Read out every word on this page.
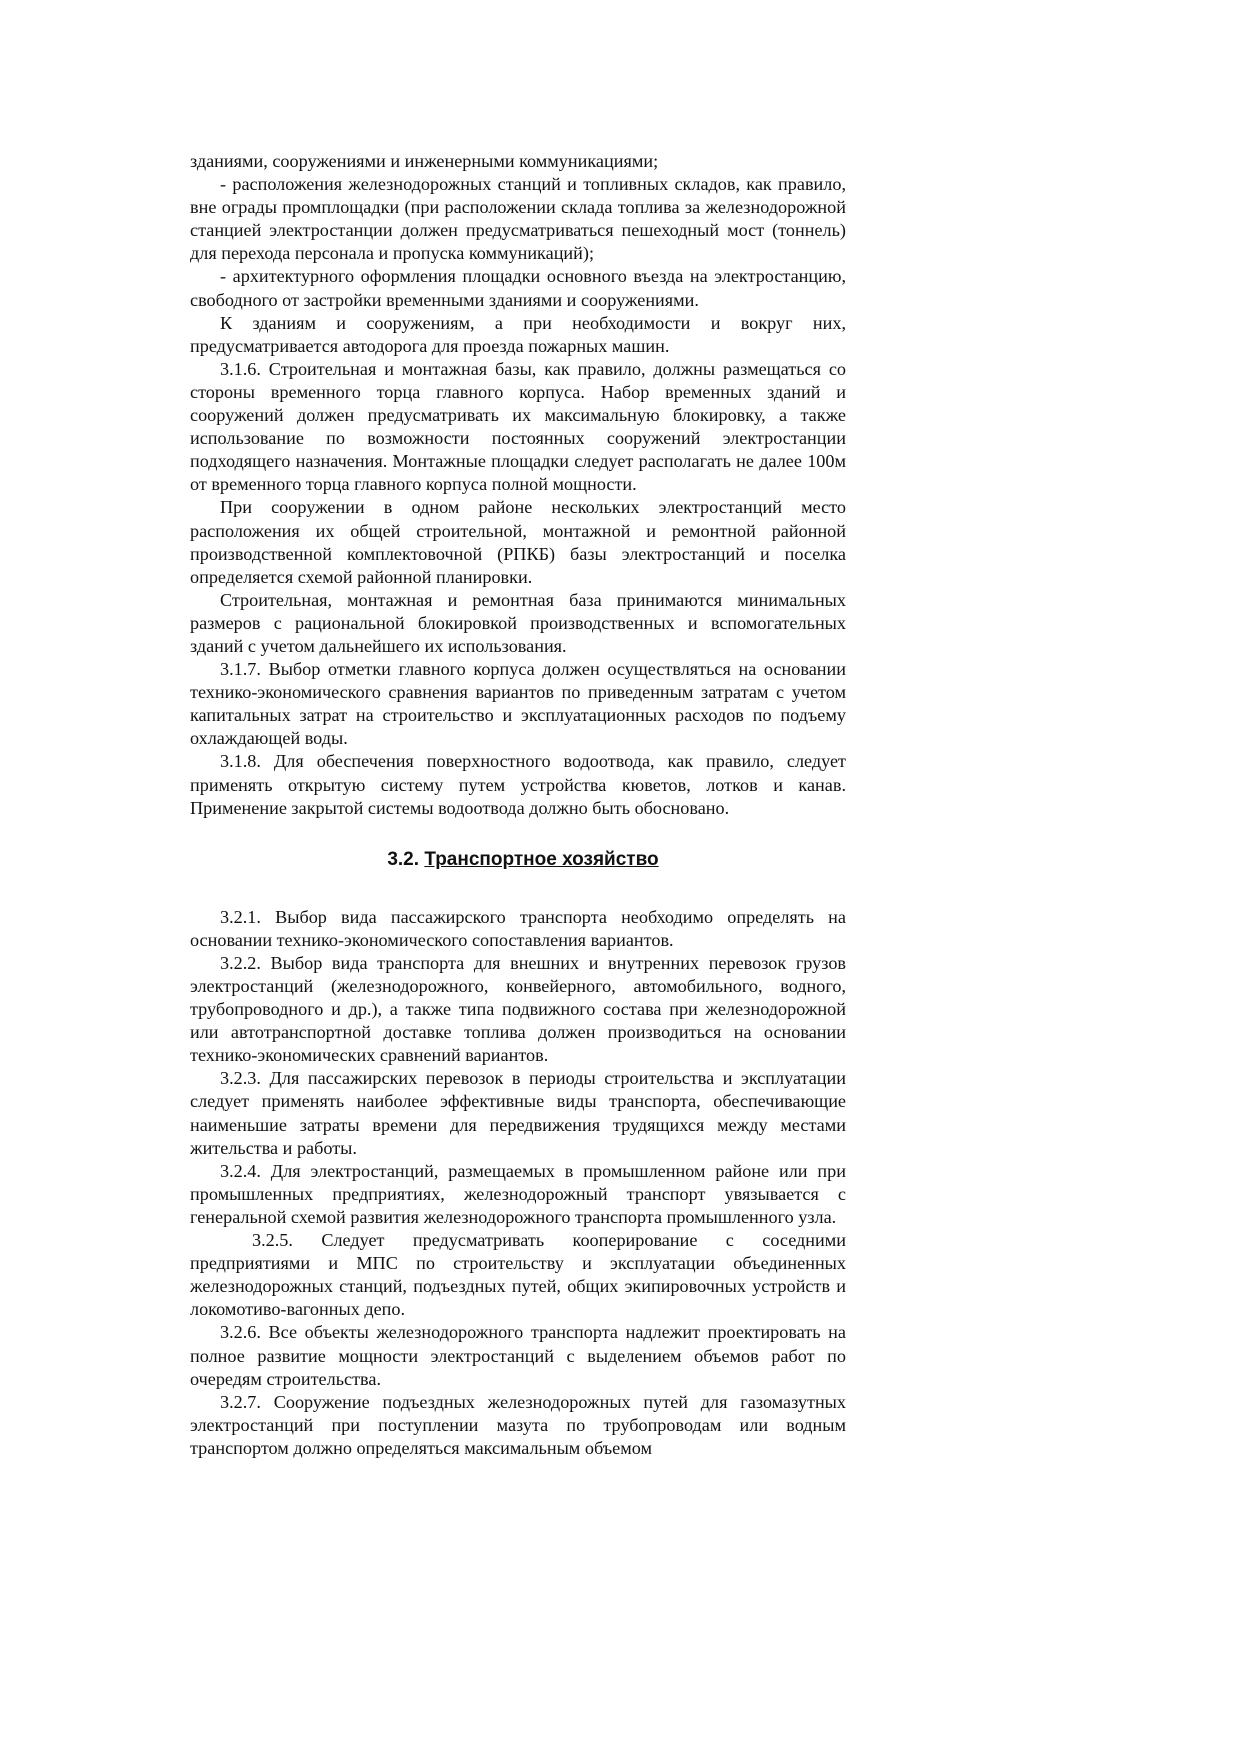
зданиями, сооружениями и инженерными коммуникациями;

- расположения железнодорожных станций и топливных складов, как правило, вне ограды промплощадки (при расположении склада топлива за железнодорожной станцией электростанции должен предусматриваться пешеходный мост (тоннель) для перехода персонала и пропуска коммуникаций);

- архитектурного оформления площадки основного въезда на электростанцию, свободного от застройки временными зданиями и сооружениями.

К зданиям и сооружениям, а при необходимости и вокруг них, предусматривается автодорога для проезда пожарных машин.

3.1.6. Строительная и монтажная базы, как правило, должны размещаться со стороны временного торца главного корпуса. Набор временных зданий и сооружений должен предусматривать их максимальную блокировку, а также использование по возможности постоянных сооружений электростанции подходящего назначения. Монтажные площадки следует располагать не далее 100м от временного торца главного корпуса полной мощности.

При сооружении в одном районе нескольких электростанций место расположения их общей строительной, монтажной и ремонтной районной производственной комплектовочной (РПКБ) базы электростанций и поселка определяется схемой районной планировки.

Строительная, монтажная и ремонтная база принимаются минимальных размеров с рациональной блокировкой производственных и вспомогательных зданий с учетом дальнейшего их использования.

3.1.7. Выбор отметки главного корпуса должен осуществляться на основании технико-экономического сравнения вариантов по приведенным затратам с учетом капитальных затрат на строительство и эксплуатационных расходов по подъему охлаждающей воды.

3.1.8. Для обеспечения поверхностного водоотвода, как правило, следует применять открытую систему путем устройства кюветов, лотков и канав. Применение закрытой системы водоотвода должно быть обосновано.

3.2. Транспортное хозяйство

3.2.1. Выбор вида пассажирского транспорта необходимо определять на основании технико-экономического сопоставления вариантов.

3.2.2. Выбор вида транспорта для внешних и внутренних перевозок грузов электростанций (железнодорожного, конвейерного, автомобильного, водного, трубопроводного и др.), а также типа подвижного состава при железнодорожной или автотранспортной доставке топлива должен производиться на основании технико-экономических сравнений вариантов.

3.2.3. Для пассажирских перевозок в периоды строительства и эксплуатации следует применять наиболее эффективные виды транспорта, обеспечивающие наименьшие затраты времени для передвижения трудящихся между местами жительства и работы.

3.2.4. Для электростанций, размещаемых в промышленном районе или при промышленных предприятиях, железнодорожный транспорт увязывается с генеральной схемой развития железнодорожного транспорта промышленного узла.

3.2.5. Следует предусматривать кооперирование с соседними предприятиями и МПС по строительству и эксплуатации объединенных железнодорожных станций, подъездных путей, общих экипировочных устройств и локомотиво-вагонных депо.

3.2.6. Все объекты железнодорожного транспорта надлежит проектировать на полное развитие мощности электростанций с выделением объемов работ по очередям строительства.

3.2.7. Сооружение подъездных железнодорожных путей для газомазутных электростанций при поступлении мазута по трубопроводам или водным транспортом должно определяться максимальным объемом
